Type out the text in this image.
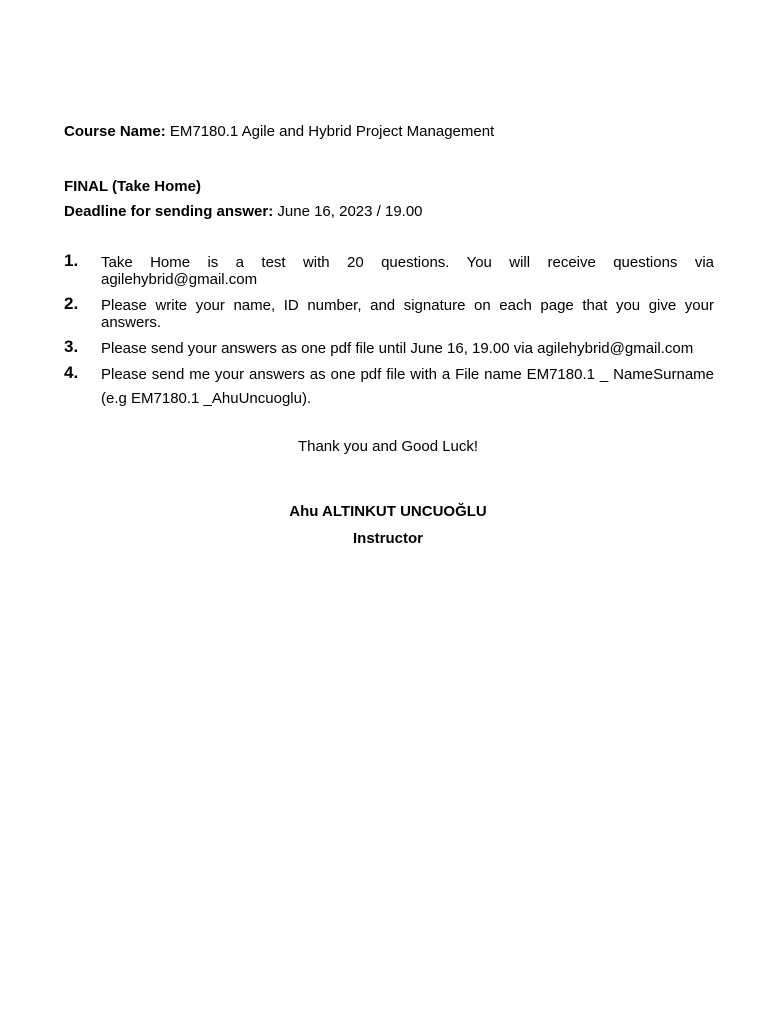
Course Name: EM7180.1 Agile and Hybrid Project Management
FINAL (Take Home)
Deadline for sending answer: June 16, 2023 / 19.00
1. Take Home is a test with 20 questions. You will receive questions via agilehybrid@gmail.com
2. Please write your name, ID number, and signature on each page that you give your answers.
3. Please send your answers as one pdf file until June 16, 19.00 via agilehybrid@gmail.com
4. Please send me your answers as one pdf file with a File name EM7180.1 _ NameSurname (e.g EM7180.1 _AhuUncuoglu).
Thank you and Good Luck!
Ahu ALTINKUT UNCUOĞLU
Instructor
